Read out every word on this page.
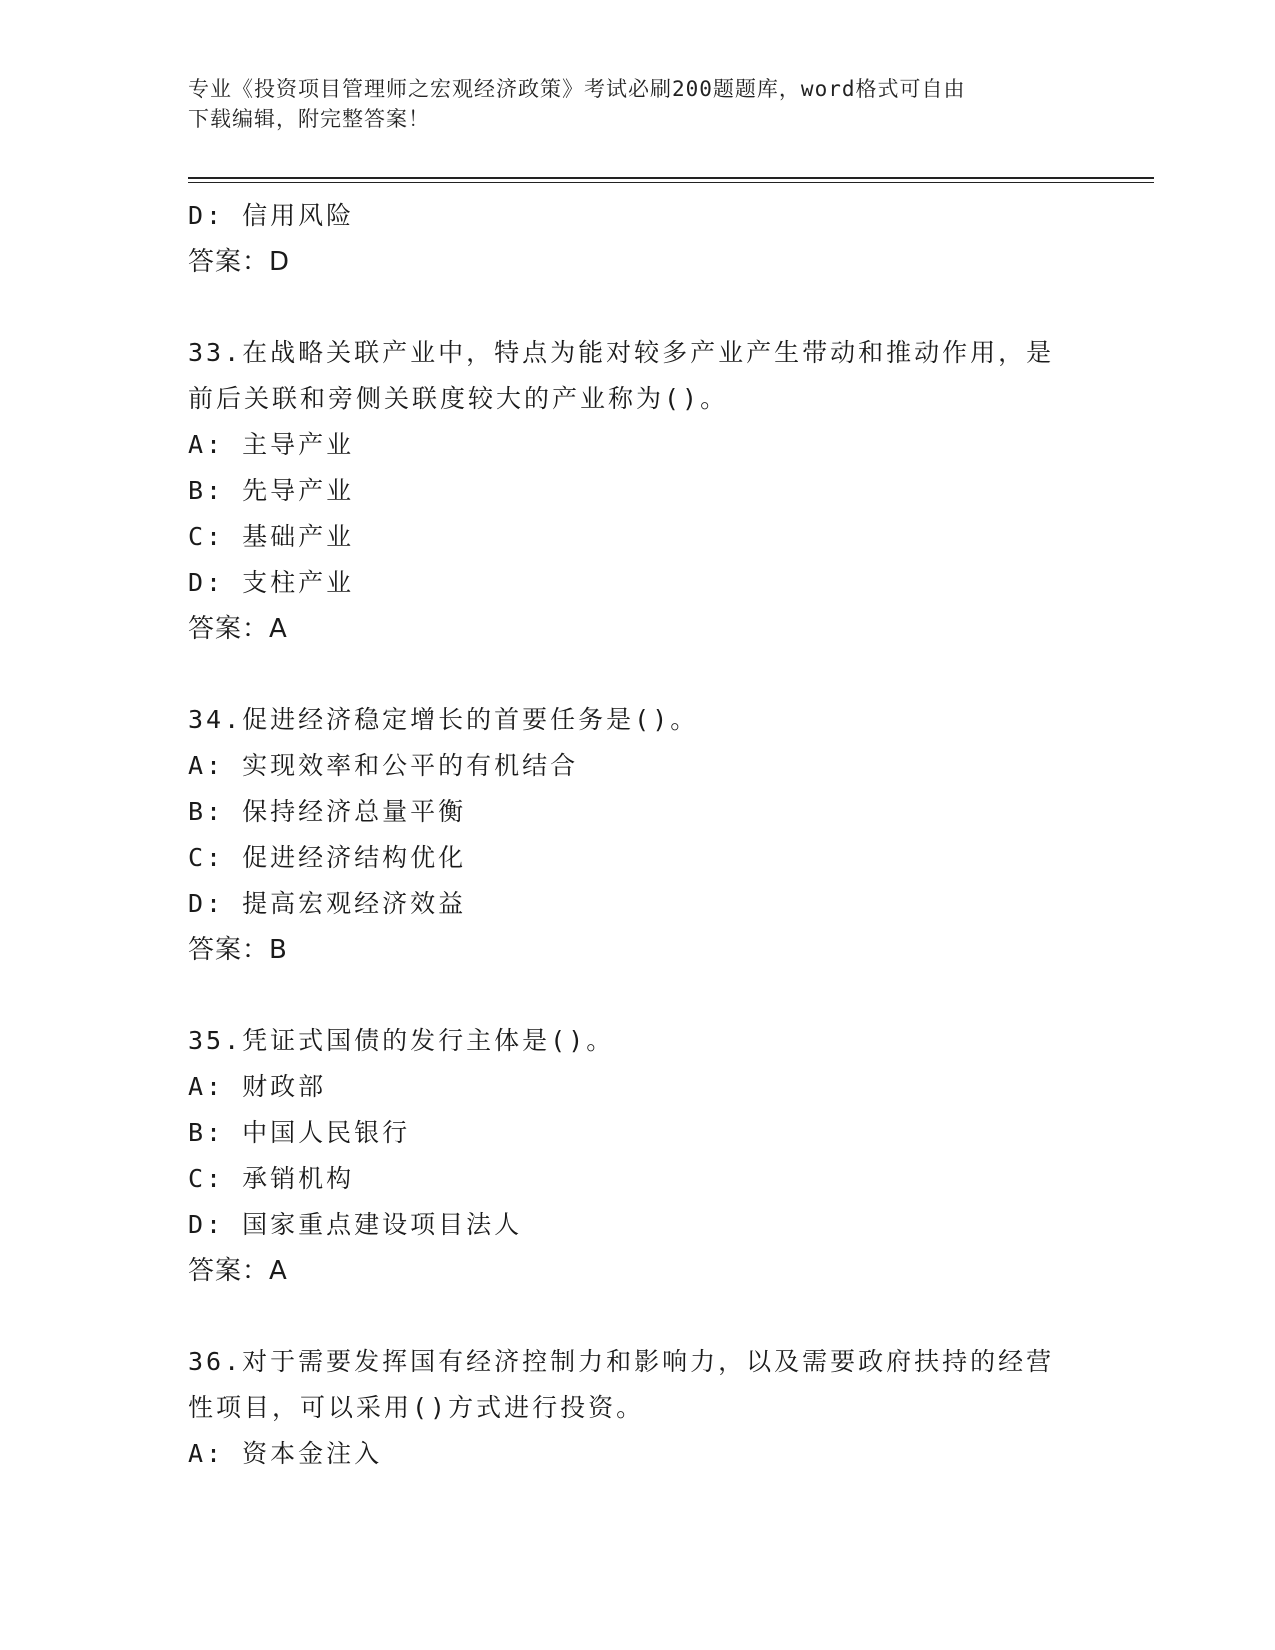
专业《投资项目管理师之宏观经济政策》考试必刷200题题库，word格式可自由
下载编辑，附完整答案！
D: 信用风险
答案：D
33.在战略关联产业中，特点为能对较多产业产生带动和推动作用，是
前后关联和旁侧关联度较大的产业称为()。
A: 主导产业
B: 先导产业
C: 基础产业
D: 支柱产业
答案：A
34.促进经济稳定增长的首要任务是()。
A: 实现效率和公平的有机结合
B: 保持经济总量平衡
C: 促进经济结构优化
D: 提高宏观经济效益
答案：B
35.凭证式国债的发行主体是()。
A: 财政部
B: 中国人民银行
C: 承销机构
D: 国家重点建设项目法人
答案：A
36.对于需要发挥国有经济控制力和影响力，以及需要政府扶持的经营
性项目，可以采用()方式进行投资。
A: 资本金注入
